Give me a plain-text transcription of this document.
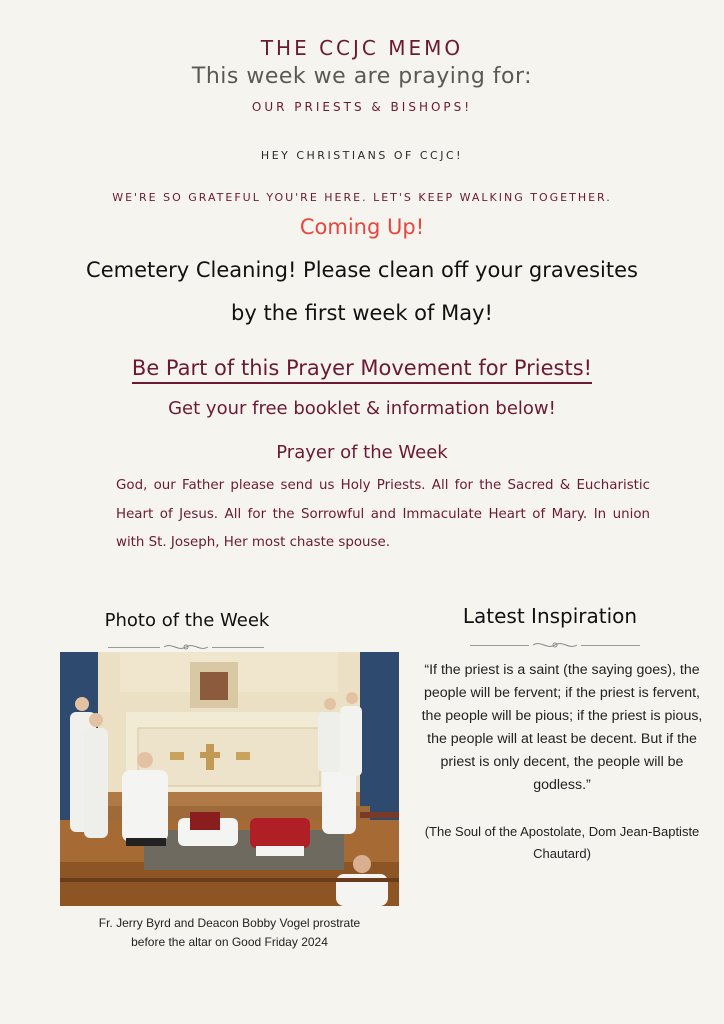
THE CCJC MEMO
This week we are praying for:
OUR PRIESTS & BISHOPS!
HEY CHRISTIANS OF CCJC!
WE'RE SO GRATEFUL YOU'RE HERE. LET'S KEEP WALKING TOGETHER.
Coming Up!
Cemetery Cleaning! Please clean off your gravesites
by the first week of May!
Be Part of this Prayer Movement for Priests!
Get your free booklet & information below!
Prayer of the Week
God, our Father please send us Holy Priests. All for the Sacred & Eucharistic Heart of Jesus. All for the Sorrowful and Immaculate Heart of Mary. In union with St. Joseph, Her most chaste spouse.
Photo of the Week
Fr. Jerry Byrd and Deacon Bobby Vogel prostrate
before the altar on Good Friday 2024
Latest Inspiration
“If the priest is a saint (the saying goes), the people will be fervent; if the priest is fervent, the people will be pious; if the priest is pious, the people will at least be decent. But if the priest is only decent, the people will be godless.”
(The Soul of the Apostolate, Dom Jean-Baptiste Chautard)
